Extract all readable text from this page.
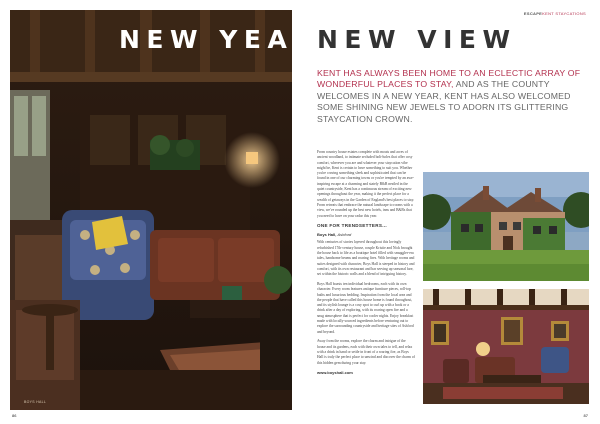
BOYS HALL
NEW YEAR,
NEW VIEW
ESCAPEKENT STAYCATIONS
KENT HAS ALWAYS BEEN HOME TO AN ECLECTIC ARRAY OF WONDERFUL PLACES TO STAY, AND AS THE COUNTY WELCOMES IN A NEW YEAR, KENT HAS ALSO WELCOMED SOME SHINING NEW JEWELS TO ADORN ITS GLITTERING STAYCATION CROWN.

From country house estates complete with moats and acres of ancient woodland, to intimate secluded bolt-holes that offer cosy comfort, wherever you are and whatever your staycation vibe might be, Kent is certain to have something to suit you. Whether you're craving something sleek and sophisticated that can be found in one of our charming towns or you're tempted by an awe-inspiring escape at a charming and stately B&B nestled in the quiet countryside, Kent has a continuous stream of exciting new openings throughout the year, making it the perfect place for a wealth of getaways in the Garden of England's best places to stay. From retreats that embrace the natural landscape to rooms with a view, we've rounded up the best new hotels, inns and B&Bs that you need to have on your radar this year.

ONE FOR TRENDSETTERS...
Boys Hall, Ashford

With centuries of stories layered throughout this lovingly refurbished 17th-century house, couple Kristie and Nick brought the house back to life as a boutique hotel filled with smuggler-era tales, handsome beams and roaring fires. With heritage rooms and suites designed with character, Boys Hall is steeped in history and comfort, with its own restaurant and bar serving up seasonal fare, set within the historic walls and a blend of intriguing history.

Boys Hall boasts ten individual bedrooms, each with its own character. Every room features antique furniture pieces, roll-top baths and luxurious bedding. Inspiration from the local area and the people that have called this house home is found throughout, and its stylish lounge is a cosy spot to curl up with a book or a drink after a day of exploring, with its roaring open fire and a snug atmosphere that is perfect for cooler nights. Enjoy breakfast made with locally-sourced ingredients before venturing out to explore the surrounding countryside and heritage sites of Ashford and beyond.

Away from the rooms, explore the charm and intrigue of the house and its gardens, each with their own tales to tell, and relax with a drink in hand or settle in front of a roaring fire, as Boys Hall is truly the perfect place to unwind and discover the charm of this hidden gem during your stay.

www.boyshall.com
86	87
